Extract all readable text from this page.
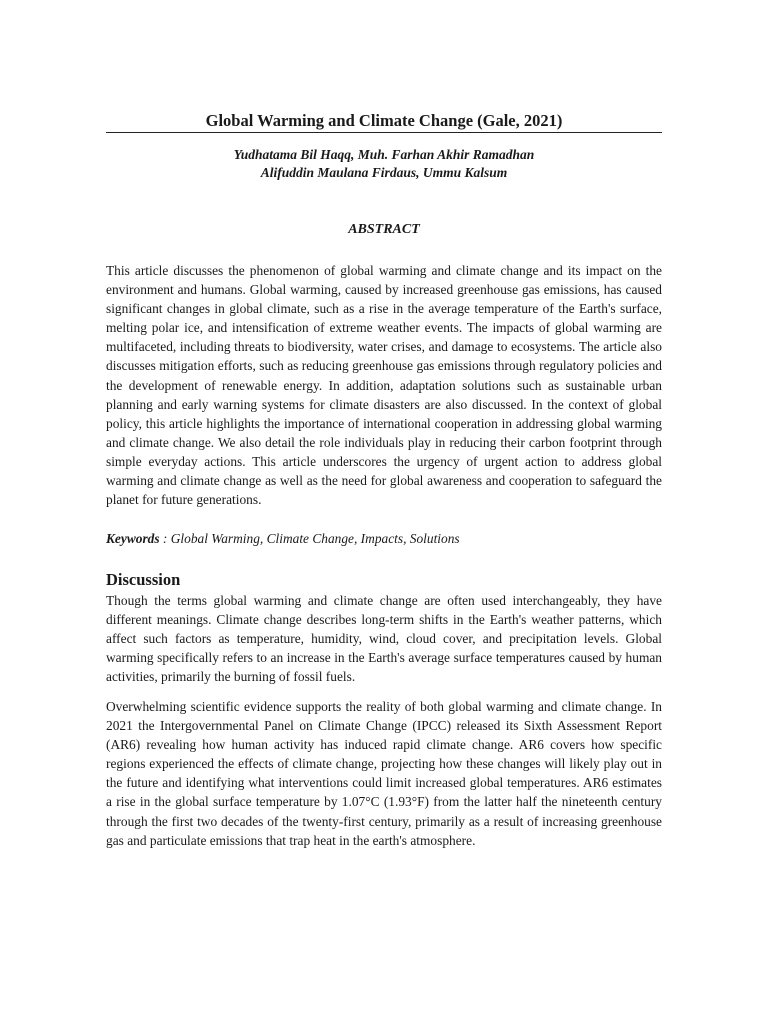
Global Warming and Climate Change (Gale, 2021)
Yudhatama Bil Haqq, Muh. Farhan Akhir Ramadhan
Alifuddin Maulana Firdaus, Ummu Kalsum
ABSTRACT

This article discusses the phenomenon of global warming and climate change and its impact on the environment and humans. Global warming, caused by increased greenhouse gas emissions, has caused significant changes in global climate, such as a rise in the average temperature of the Earth's surface, melting polar ice, and intensification of extreme weather events. The impacts of global warming are multifaceted, including threats to biodiversity, water crises, and damage to ecosystems. The article also discusses mitigation efforts, such as reducing greenhouse gas emissions through regulatory policies and the development of renewable energy. In addition, adaptation solutions such as sustainable urban planning and early warning systems for climate disasters are also discussed. In the context of global policy, this article highlights the importance of international cooperation in addressing global warming and climate change. We also detail the role individuals play in reducing their carbon footprint through simple everyday actions. This article underscores the urgency of urgent action to address global warming and climate change as well as the need for global awareness and cooperation to safeguard the planet for future generations.

Keywords : Global Warming, Climate Change, Impacts, Solutions

Discussion

Though the terms global warming and climate change are often used interchangeably, they have different meanings. Climate change describes long-term shifts in the Earth's weather patterns, which affect such factors as temperature, humidity, wind, cloud cover, and precipitation levels. Global warming specifically refers to an increase in the Earth's average surface temperatures caused by human activities, primarily the burning of fossil fuels.

Overwhelming scientific evidence supports the reality of both global warming and climate change. In 2021 the Intergovernmental Panel on Climate Change (IPCC) released its Sixth Assessment Report (AR6) revealing how human activity has induced rapid climate change. AR6 covers how specific regions experienced the effects of climate change, projecting how these changes will likely play out in the future and identifying what interventions could limit increased global temperatures. AR6 estimates a rise in the global surface temperature by 1.07°C (1.93°F) from the latter half the nineteenth century through the first two decades of the twenty-first century, primarily as a result of increasing greenhouse gas and particulate emissions that trap heat in the earth's atmosphere.
